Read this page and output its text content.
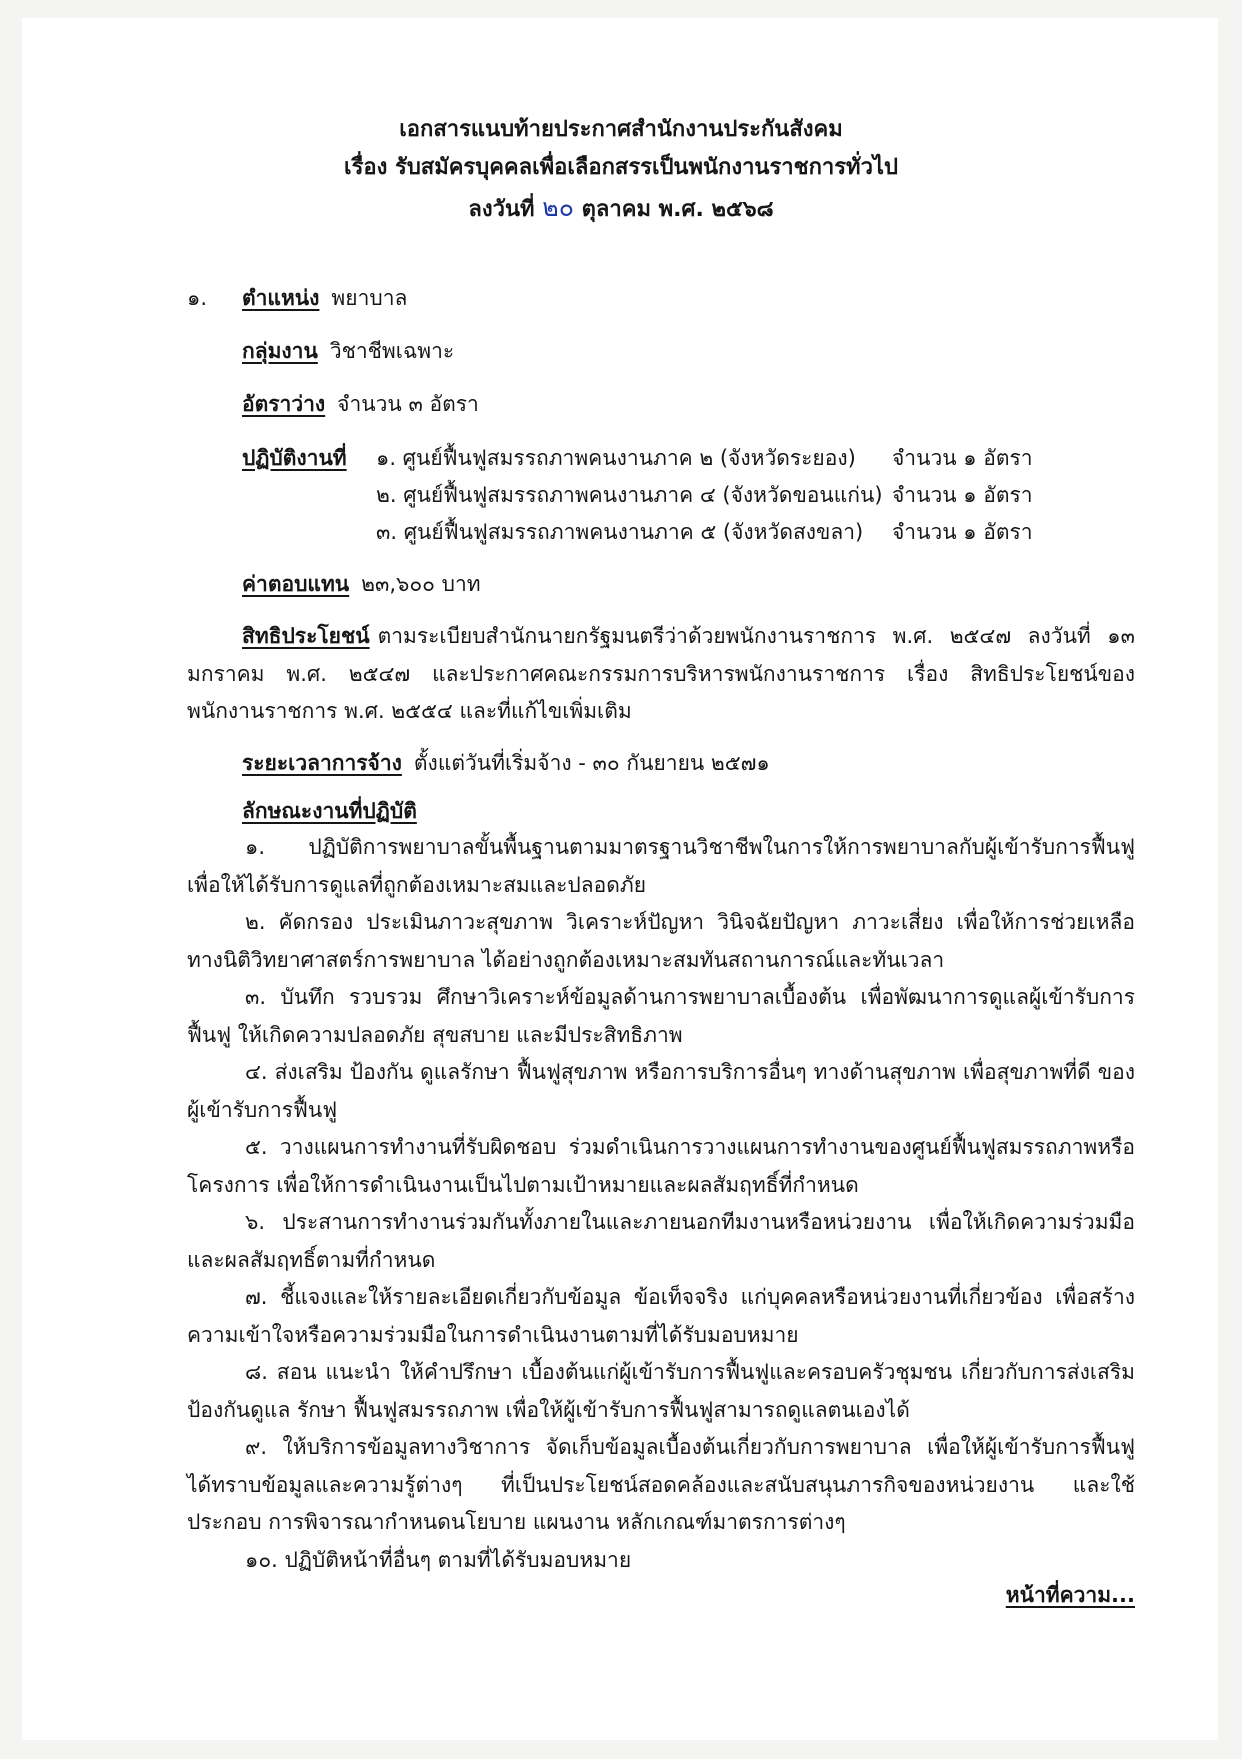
เอกสารแนบท้ายประกาศสำนักงานประกันสังคม
เรื่อง รับสมัครบุคคลเพื่อเลือกสรรเป็นพนักงานราชการทั่วไป
ลงวันที่ ๒๐ ตุลาคม พ.ศ. ๒๕๖๘
๑. ตำแหน่ง พยาบาล
กลุ่มงาน วิชาชีพเฉพาะ
อัตราว่าง จำนวน ๓ อัตรา
ปฏิบัติงานที่ ๑. ศูนย์ฟื้นฟูสมรรถภาพคนงานภาค ๒ (จังหวัดระยอง) จำนวน ๑ อัตรา
๒. ศูนย์ฟื้นฟูสมรรถภาพคนงานภาค ๔ (จังหวัดขอนแก่น) จำนวน ๑ อัตรา
๓. ศูนย์ฟื้นฟูสมรรถภาพคนงานภาค ๕ (จังหวัดสงขลา) จำนวน ๑ อัตรา
ค่าตอบแทน ๒๓,๖๐๐ บาท
สิทธิประโยชน์ ตามระเบียบสำนักนายกรัฐมนตรีว่าด้วยพนักงานราชการ พ.ศ. ๒๕๔๗ ลงวันที่ ๑๓ มกราคม พ.ศ. ๒๕๔๗ และประกาศคณะกรรมการบริหารพนักงานราชการ เรื่อง สิทธิประโยชน์ของพนักงานราชการ พ.ศ. ๒๕๕๔ และที่แก้ไขเพิ่มเติม
ระยะเวลาการจ้าง ตั้งแต่วันที่เริ่มจ้าง - ๓๐ กันยายน ๒๕๗๑
ลักษณะงานที่ปฏิบัติ
๑. ปฏิบัติการพยาบาลขั้นพื้นฐานตามมาตรฐานวิชาชีพในการให้การพยาบาลกับผู้เข้ารับการฟื้นฟู เพื่อให้ได้รับการดูแลที่ถูกต้องเหมาะสมและปลอดภัย
๒. คัดกรอง ประเมินภาวะสุขภาพ วิเคราะห์ปัญหา วินิจฉัยปัญหา ภาวะเสี่ยง เพื่อให้การช่วยเหลือ ทางนิติวิทยาศาสตร์การพยาบาล ได้อย่างถูกต้องเหมาะสมทันสถานการณ์และทันเวลา
๓. บันทึก รวบรวม ศึกษาวิเคราะห์ข้อมูลด้านการพยาบาลเบื้องต้น เพื่อพัฒนาการดูแลผู้เข้ารับการฟื้นฟู ให้เกิดความปลอดภัย สุขสบาย และมีประสิทธิภาพ
๔. ส่งเสริม ป้องกัน ดูแลรักษา ฟื้นฟูสุขภาพ หรือการบริการอื่นๆ ทางด้านสุขภาพ เพื่อสุขภาพที่ดี ของผู้เข้ารับการฟื้นฟู
๕. วางแผนการทำงานที่รับผิดชอบ ร่วมดำเนินการวางแผนการทำงานของศูนย์ฟื้นฟูสมรรถภาพหรือ โครงการ เพื่อให้การดำเนินงานเป็นไปตามเป้าหมายและผลสัมฤทธิ์ที่กำหนด
๖. ประสานการทำงานร่วมกันทั้งภายในและภายนอกทีมงานหรือหน่วยงาน เพื่อให้เกิดความร่วมมือ และผลสัมฤทธิ์ตามที่กำหนด
๗. ชี้แจงและให้รายละเอียดเกี่ยวกับข้อมูล ข้อเท็จจริง แก่บุคคลหรือหน่วยงานที่เกี่ยวข้อง เพื่อสร้าง ความเข้าใจหรือความร่วมมือในการดำเนินงานตามที่ได้รับมอบหมาย
๘. สอน แนะนำ ให้คำปรึกษา เบื้องต้นแก่ผู้เข้ารับการฟื้นฟูและครอบครัวชุมชน เกี่ยวกับการส่งเสริม ป้องกันดูแล รักษา ฟื้นฟูสมรรถภาพ เพื่อให้ผู้เข้ารับการฟื้นฟูสามารถดูแลตนเองได้
๙. ให้บริการข้อมูลทางวิชาการ จัดเก็บข้อมูลเบื้องต้นเกี่ยวกับการพยาบาล เพื่อให้ผู้เข้ารับการฟื้นฟู ได้ทราบข้อมูลและความรู้ต่างๆ ที่เป็นประโยชน์สอดคล้องและสนับสนุนภารกิจของหน่วยงาน และใช้ประกอบ การพิจารณากำหนดนโยบาย แผนงาน หลักเกณฑ์มาตรการต่างๆ
๑๐. ปฏิบัติหน้าที่อื่นๆ ตามที่ได้รับมอบหมาย
หน้าที่ความ...
